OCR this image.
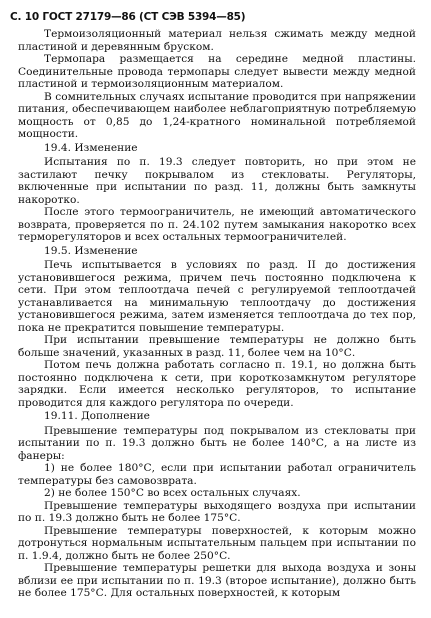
С. 10 ГОСТ 27179—86 (СТ СЭВ 5394—85)

Термоизоляционный материал нельзя сжимать между медной пластиной и деревянным бруском.

Термопара размещается на середине медной пластины. Соединительные провода термопары следует вывести между медной пластиной и термоизоляционным материалом.

В сомнительных случаях испытание проводится при напряжении питания, обеспечивающем наиболее неблагоприятную потребляемую мощность от 0,85 до 1,24-кратного номинальной потребляемой мощности.

19.4. Изменение

Испытания по п. 19.3 следует повторить, но при этом не застилают печку покрывалом из стекловаты. Регуляторы, включенные при испытании по разд. 11, должны быть замкнуты накоротко.

После этого термоограничитель, не имеющий автоматического возврата, проверяется по п. 24.102 путем замыкания накоротко всех терморегуляторов и всех остальных термоограничителей.

19.5. Изменение

Печь испытывается в условиях по разд. II до достижения установившегося режима, причем печь постоянно подключена к сети. При этом теплоотдача печей с регулируемой теплоотдачей устанавливается на минимальную теплоотдачу до достижения установившегося режима, затем изменяется теплоотдача до тех пор, пока не прекратится повышение температуры.

При испытании превышение температуры не должно быть больше значений, указанных в разд. 11, более чем на 10°С.

Потом печь должна работать согласно п. 19.1, но должна быть постоянно подключена к сети, при короткозамкнутом регуляторе зарядки. Если имеется несколько регуляторов, то испытание проводится для каждого регулятора по очереди.

19.11. Дополнение

Превышение температуры под покрывалом из стекловаты при испытании по п. 19.3 должно быть не более 140°С, а на листе из фанеры:

1) не более 180°С, если при испытании работал ограничитель температуры без самовозврата.

2) не более 150°С во всех остальных случаях.

Превышение температуры выходящего воздуха при испытании по п. 19.3 должно быть не более 175°С.

Превышение температуры поверхностей, к которым можно дотронуться нормальным испытательным пальцем при испытании по п. 1.9.4, должно быть не более 250°С.

Превышение температуры решетки для выхода воздуха и зоны вблизи ее при испытании по п. 19.3 (второе испытание), должно быть не более 175°С. Для остальных поверхностей, к которым
